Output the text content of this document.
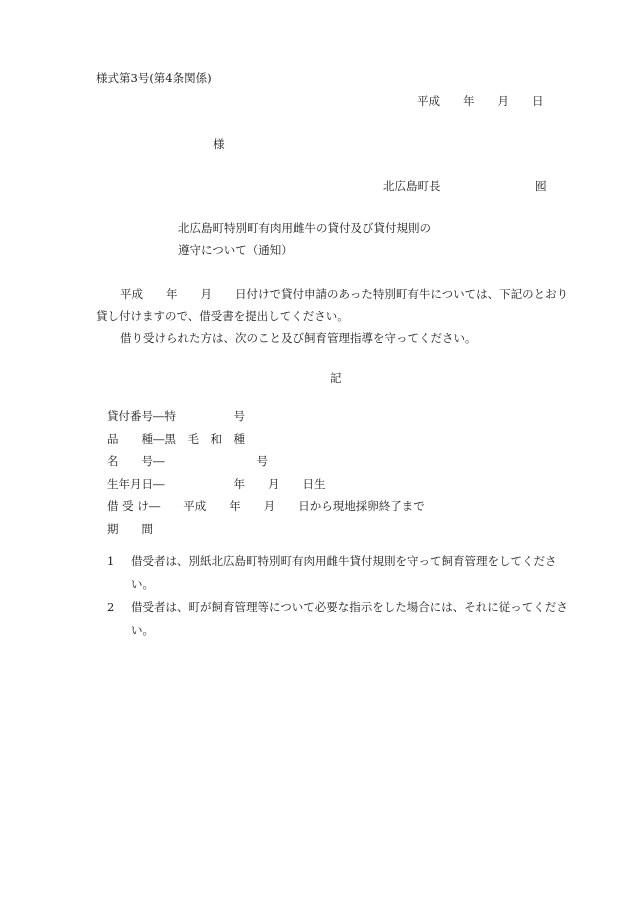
様式第3号(第4条関係)
平成　　年　　月　　日
様
北広島町長	囮
北広島町特別町有肉用雌牛の貸付及び貸付規則の
遵守について（通知）

平成　　年　　月　　日付けで貸付申請のあった特別町有牛については、下記のとおり貸し付けますので、借受書を提出してください。

借り受けられた方は、次のこと及び飼育管理指導を守ってください。

記
貸付番号―特　　　　　号
品　　種―黒　毛　和　種
名　　号―　　　　　　　　号
生年月日―　　　　　　年　　月　　日生
借 受 け―　　平成　　年　　月　　日から現地採卵終了まで
期　　間
1	借受者は、別紙北広島町特別町有肉用雌牛貸付規則を守って飼育管理をしてください。
2	借受者は、町が飼育管理等について必要な指示をした場合には、それに従ってください。
